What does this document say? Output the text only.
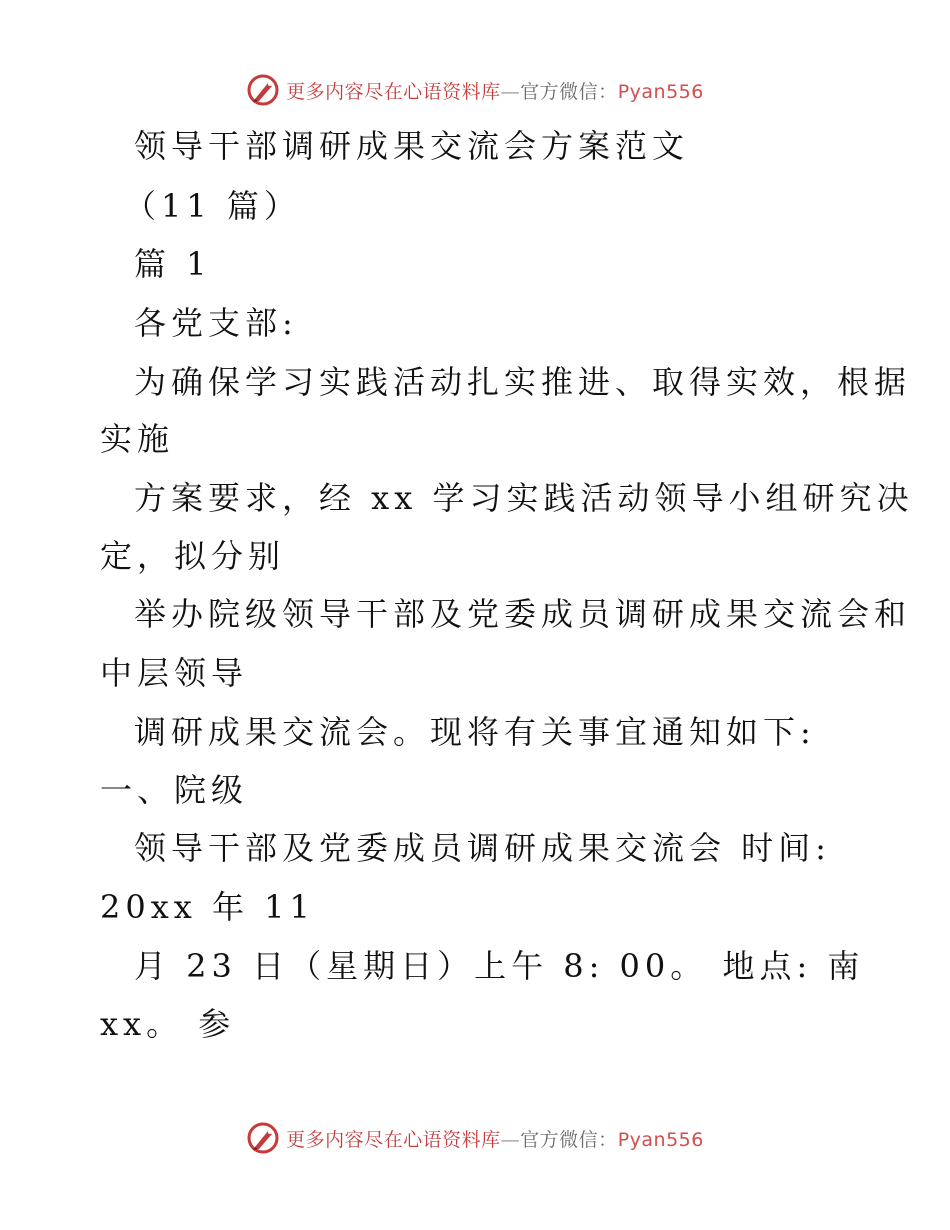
更多内容尽在心语资料库—官方微信：Pyan556
领导干部调研成果交流会方案范文
（11 篇）
篇 1
各党支部:
为确保学习实践活动扎实推进、取得实效，根据
实施
方案要求，经 xx 学习实践活动领导小组研究决
定，拟分别
举办院级领导干部及党委成员调研成果交流会和
中层领导
调研成果交流会。现将有关事宜通知如下:
一、院级
领导干部及党委成员调研成果交流会 时间:
20xx 年 11
月 23 日（星期日）上午 8: 00。 地点: 南
xx。 参
更多内容尽在心语资料库—官方微信：Pyan556
